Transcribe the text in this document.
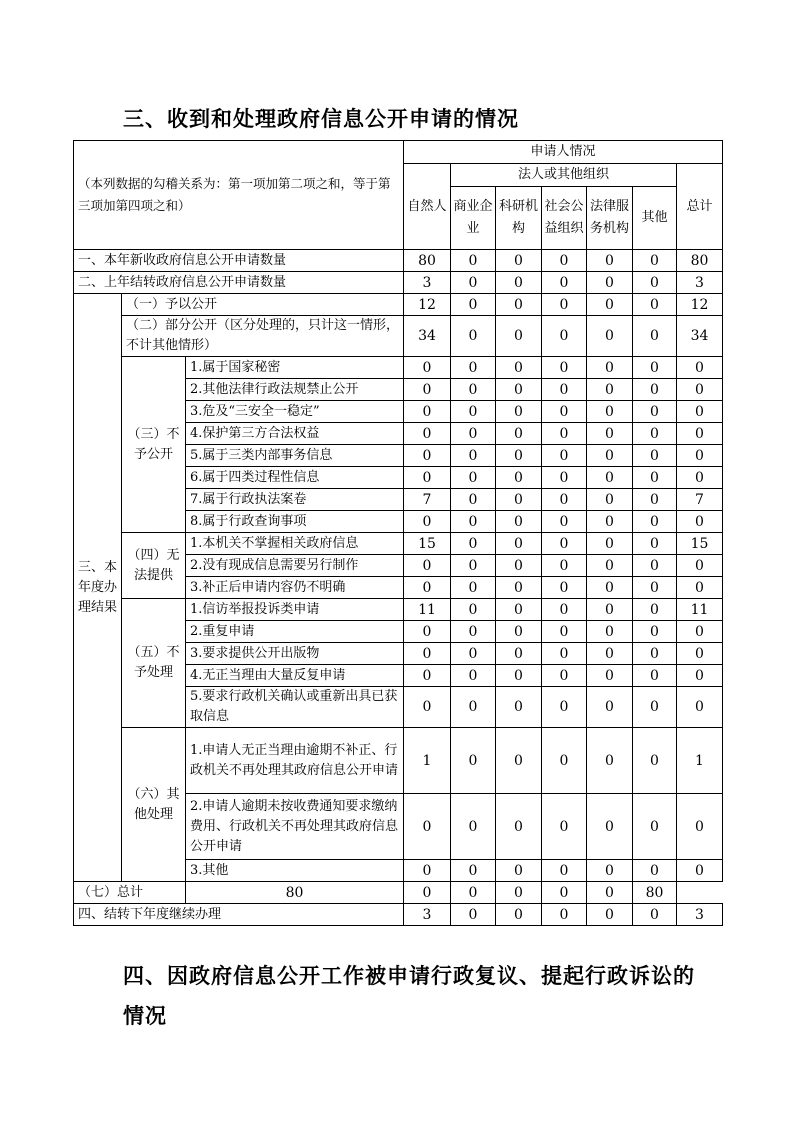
三、收到和处理政府信息公开申请的情况
（本列数据的勾稽关系为：第一项加第二项之和，等于第三项加第四项之和）			申请人情况						
			自然人	法人或其他组织					总计
				商业企业	科研机构	社会公益组织	法律服务机构	其他	
一、本年新收政府信息公开申请数量			80	0	0	0	0	0	80
二、上年结转政府信息公开申请数量			3	0	0	0	0	0	3
三、本年度办理结果	（一）予以公开		12	0	0	0	0	0	12
	（二）部分公开（区分处理的，只计这一情形，不计其他情形）		34	0	0	0	0	0	34
	（三）不予公开	1.属于国家秘密	0	0	0	0	0	0	0
		2.其他法律行政法规禁止公开	0	0	0	0	0	0	0
		3.危及“三安全一稳定”	0	0	0	0	0	0	0
		4.保护第三方合法权益	0	0	0	0	0	0	0
		5.属于三类内部事务信息	0	0	0	0	0	0	0
		6.属于四类过程性信息	0	0	0	0	0	0	0
		7.属于行政执法案卷	7	0	0	0	0	0	7
		8.属于行政查询事项	0	0	0	0	0	0	0
	（四）无法提供	1.本机关不掌握相关政府信息	15	0	0	0	0	0	15
		2.没有现成信息需要另行制作	0	0	0	0	0	0	0
		3.补正后申请内容仍不明确	0	0	0	0	0	0	0
	（五）不予处理	1.信访举报投诉类申请	11	0	0	0	0	0	11
		2.重复申请	0	0	0	0	0	0	0
		3.要求提供公开出版物	0	0	0	0	0	0	0
		4.无正当理由大量反复申请	0	0	0	0	0	0	0
		5.要求行政机关确认或重新出具已获取信息	0	0	0	0	0	0	0
	（六）其他处理	1.申请人无正当理由逾期不补正、行政机关不再处理其政府信息公开申请	1	0	0	0	0	0	1
		2.申请人逾期未按收费通知要求缴纳费用、行政机关不再处理其政府信息公开申请	0	0	0	0	0	0	0
		3.其他	0	0	0	0	0	0	0
（七）总计		80	0	0	0	0	0	80	
四、结转下年度继续办理			3	0	0	0	0	0	3
四、因政府信息公开工作被申请行政复议、提起行政诉讼的
情况
